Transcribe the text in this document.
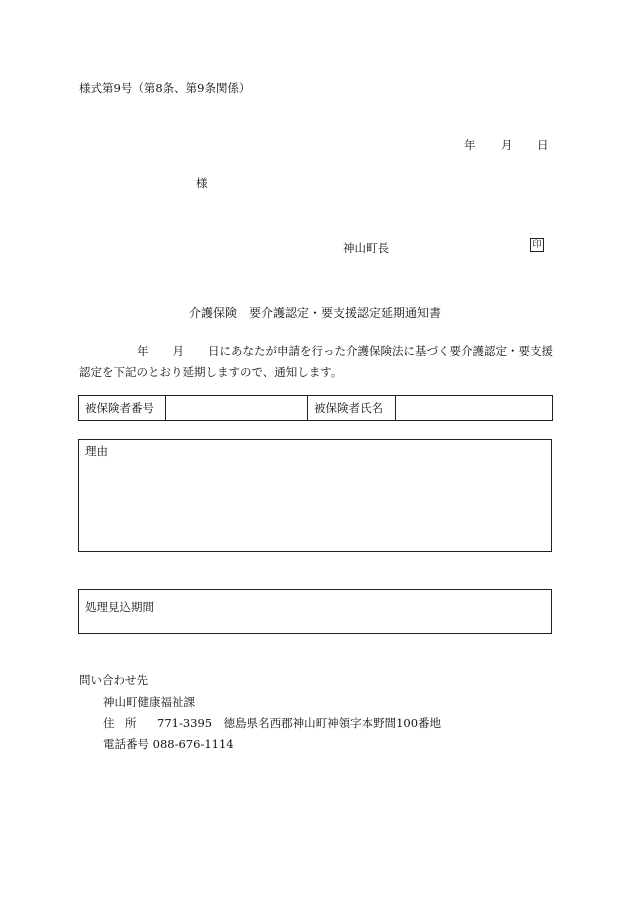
様式第9号（第8条、第9条関係）
年 月 日
様
神山町長	印
介護保険　要介護認定・要支援認定延期通知書
年 月 日にあなたが申請を行った介護保険法に基づく要介護認定・要支援認定を下記のとおり延期しますので、通知します。
被保険者番号		被保険者氏名	
理由
処理見込期間
問い合わせ先
神山町健康福祉課
住 所 771-3395　徳島県名西郡神山町神領字本野間100番地
電話番号 088-676-1114
